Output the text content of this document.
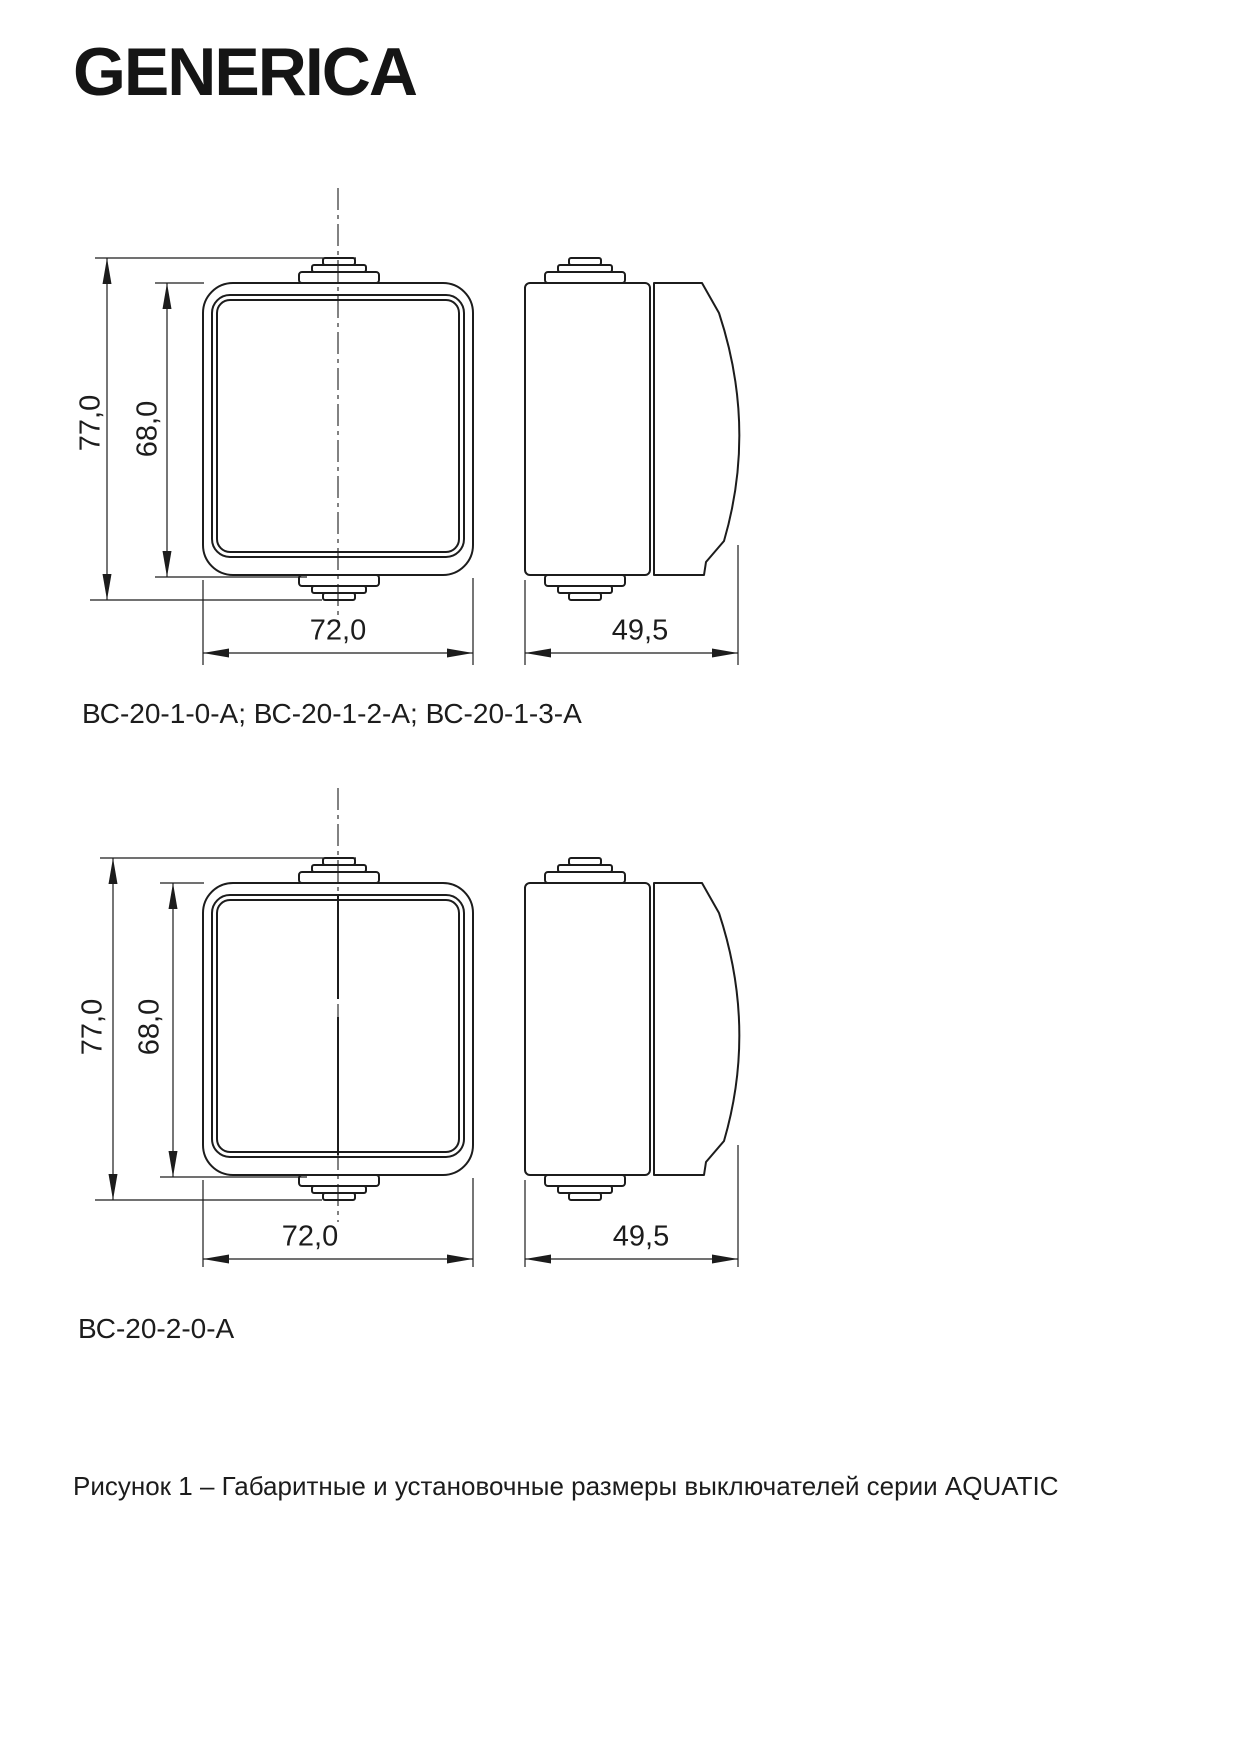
GENERICA
77,0 68,0
72,0	49,5

ВС-20-1-0-А; ВС-20-1-2-А; ВС-20-1-3-А

77,0 68,0
72,0	49,5

ВС-20-2-0-А

Рисунок 1 – Габаритные и установочные размеры выключателей серии AQUATIC
